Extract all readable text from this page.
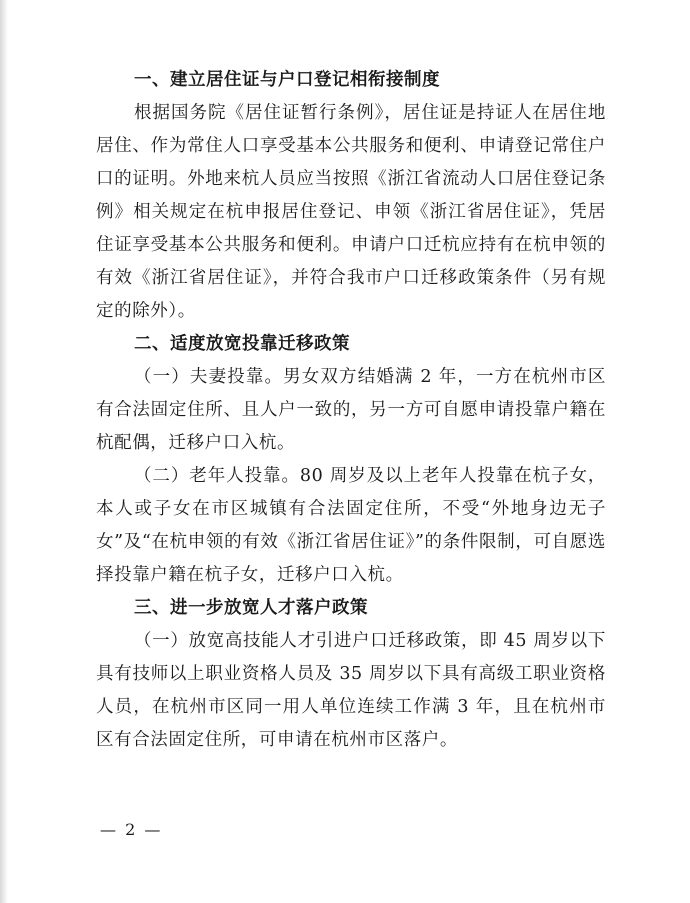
一、建立居住证与户口登记相衔接制度

根据国务院《居住证暂行条例》，居住证是持证人在居住地居住、作为常住人口享受基本公共服务和便利、申请登记常住户口的证明。外地来杭人员应当按照《浙江省流动人口居住登记条例》相关规定在杭申报居住登记、申领《浙江省居住证》，凭居住证享受基本公共服务和便利。申请户口迁杭应持有在杭申领的有效《浙江省居住证》，并符合我市户口迁移政策条件（另有规定的除外）。

二、适度放宽投靠迁移政策

（一）夫妻投靠。男女双方结婚满 2 年，一方在杭州市区有合法固定住所、且人户一致的，另一方可自愿申请投靠户籍在杭配偶，迁移户口入杭。

（二）老年人投靠。80 周岁及以上老年人投靠在杭子女，本人或子女在市区城镇有合法固定住所，不受“外地身边无子女”及“在杭申领的有效《浙江省居住证》”的条件限制，可自愿选择投靠户籍在杭子女，迁移户口入杭。

三、进一步放宽人才落户政策

（一）放宽高技能人才引进户口迁移政策，即 45 周岁以下具有技师以上职业资格人员及 35 周岁以下具有高级工职业资格人员，在杭州市区同一用人单位连续工作满 3 年，且在杭州市区有合法固定住所，可申请在杭州市区落户。

— 2 —
